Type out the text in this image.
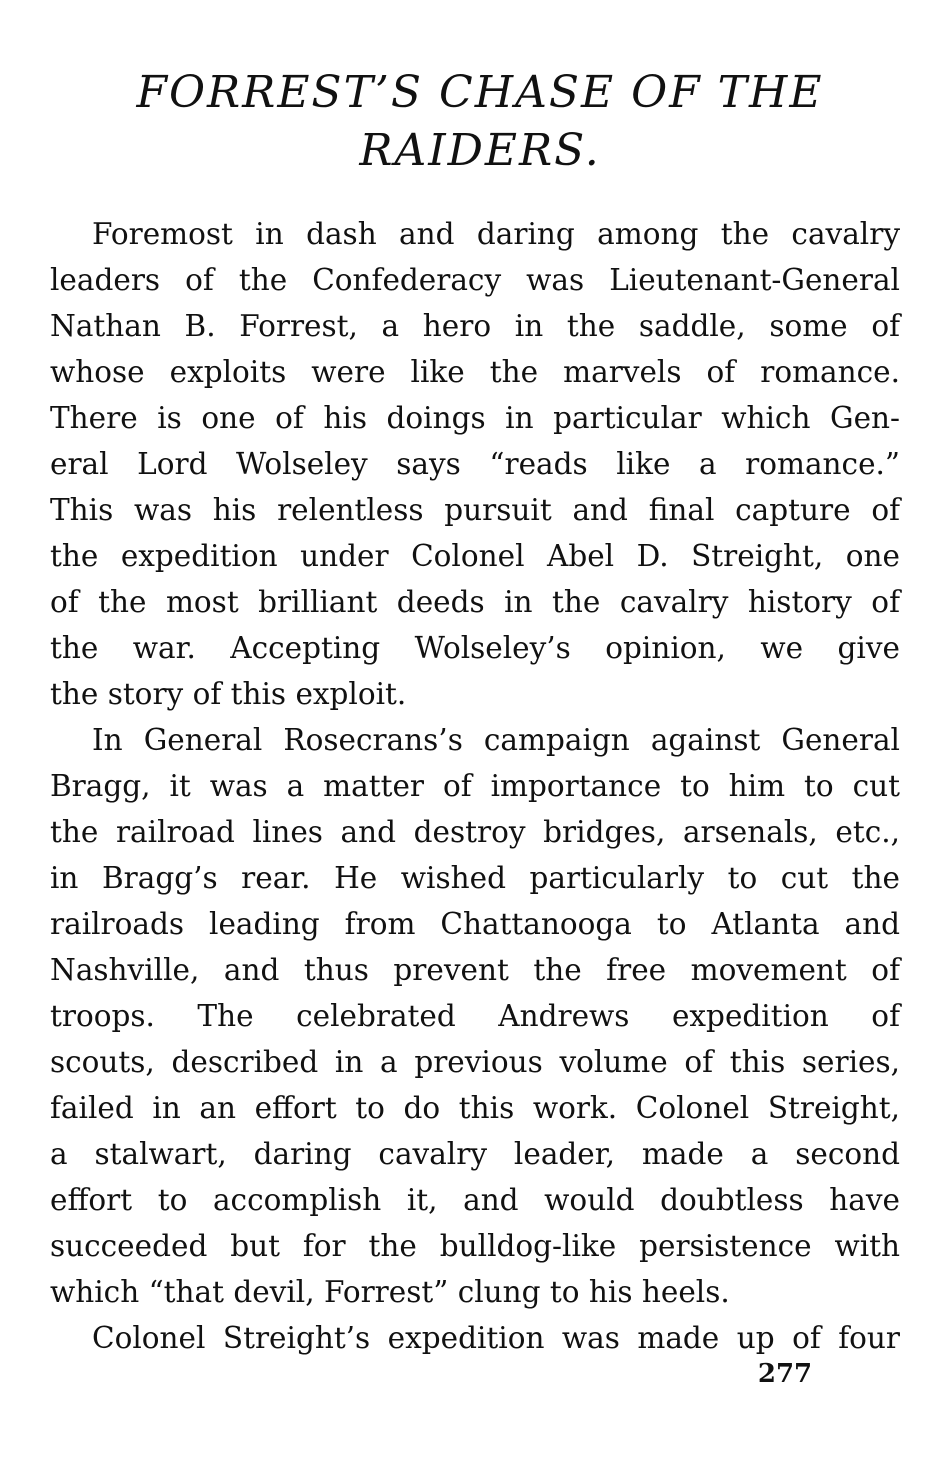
FORREST’S CHASE OF THE
RAIDERS.
Foremost in dash and daring among the cavalry
leaders of the Confederacy was Lieutenant-General
Nathan B. Forrest, a hero in the saddle, some of
whose exploits were like the marvels of romance.
There is one of his doings in particular which Gen-
eral Lord Wolseley says “reads like a romance.”
This was his relentless pursuit and final capture of
the expedition under Colonel Abel D. Streight, one
of the most brilliant deeds in the cavalry history of
the war. Accepting Wolseley’s opinion, we give
the story of this exploit.
In General Rosecrans’s campaign against General
Bragg, it was a matter of importance to him to cut
the railroad lines and destroy bridges, arsenals, etc.,
in Bragg’s rear. He wished particularly to cut the
railroads leading from Chattanooga to Atlanta and
Nashville, and thus prevent the free movement of
troops. The celebrated Andrews expedition of
scouts, described in a previous volume of this series,
failed in an effort to do this work. Colonel Streight,
a stalwart, daring cavalry leader, made a second
effort to accomplish it, and would doubtless have
succeeded but for the bulldog-like persistence with
which “that devil, Forrest” clung to his heels.
Colonel Streight’s expedition was made up of four
277
